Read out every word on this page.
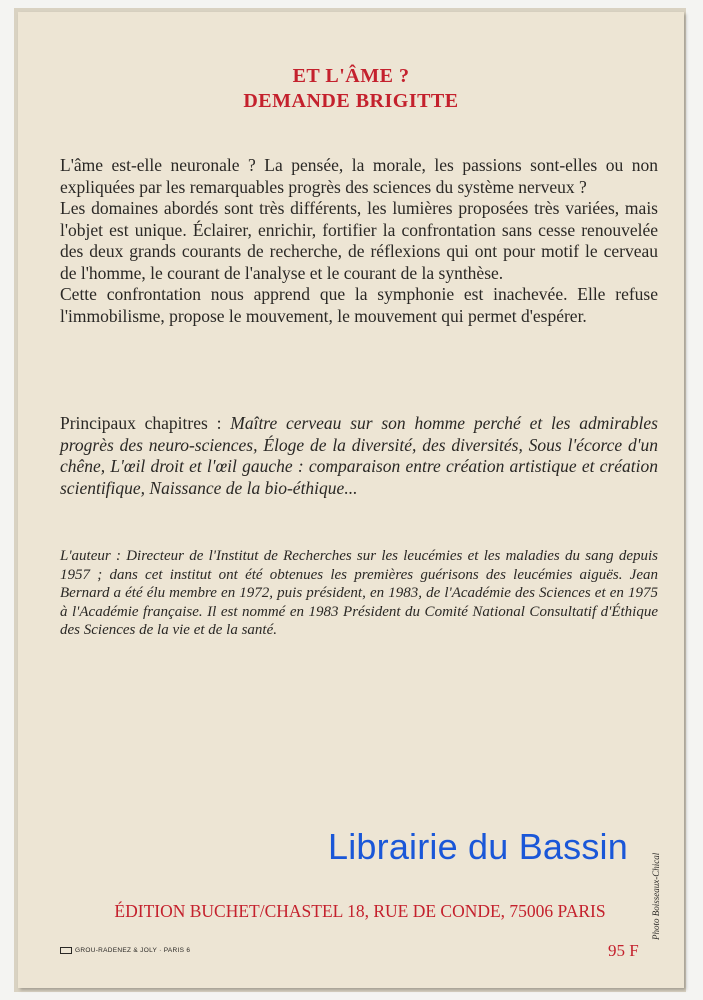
ET L'ÂME ?
DEMANDE BRIGITTE

L'âme est-elle neuronale ? La pensée, la morale, les passions sont-elles ou non expliquées par les remarquables progrès des sciences du système nerveux ?

Les domaines abordés sont très différents, les lumières proposées très variées, mais l'objet est unique. Éclairer, enrichir, fortifier la confrontation sans cesse renouvelée des deux grands courants de recherche, de réflexions qui ont pour motif le cerveau de l'homme, le courant de l'analyse et le courant de la synthèse.

Cette confrontation nous apprend que la symphonie est inachevée. Elle refuse l'immobilisme, propose le mouvement, le mouvement qui permet d'espérer.

Principaux chapitres : Maître cerveau sur son homme perché et les admirables progrès des neuro-sciences, Éloge de la diversité, des diversités, Sous l'écorce d'un chêne, L'œil droit et l'œil gauche : comparaison entre création artistique et création scientifique, Naissance de la bio-éthique...

L'auteur : Directeur de l'Institut de Recherches sur les leucémies et les maladies du sang depuis 1957 ; dans cet institut ont été obtenues les premières guérisons des leucémies aiguës. Jean Bernard a été élu membre en 1972, puis président, en 1983, de l'Académie des Sciences et en 1975 à l'Académie française. Il est nommé en 1983 Président du Comité National Consultatif d'Éthique des Sciences de la vie et de la santé.

ÉDITION BUCHET/CHASTEL 18, RUE DE CONDE, 75006 PARIS
GROU-RADENEZ & JOLY · PARIS 6	95 F
Photo Boisseaux-Chical
Librairie du Bassin
